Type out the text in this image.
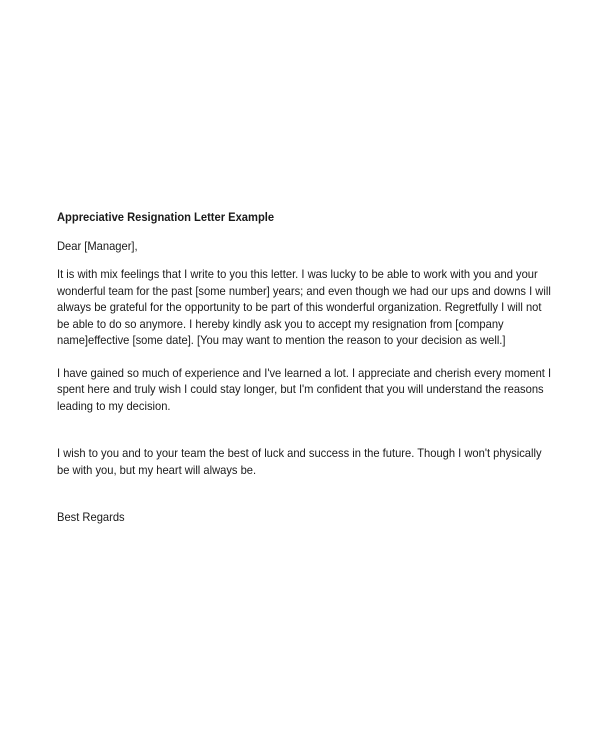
Appreciative Resignation Letter Example

Dear [Manager],

It is with mix feelings that I write to you this letter. I was lucky to be able to work with you and your wonderful team for the past [some number] years; and even though we had our ups and downs I will always be grateful for the opportunity to be part of this wonderful organization. Regretfully I will not be able to do so anymore. I hereby kindly ask you to accept my resignation from [company name]effective [some date]. [You may want to mention the reason to your decision as well.]

I have gained so much of experience and I've learned a lot. I appreciate and cherish every moment I spent here and truly wish I could stay longer, but I'm confident that you will understand the reasons leading to my decision.

I wish to you and to your team the best of luck and success in the future. Though I won't physically be with you, but my heart will always be.

Best Regards
